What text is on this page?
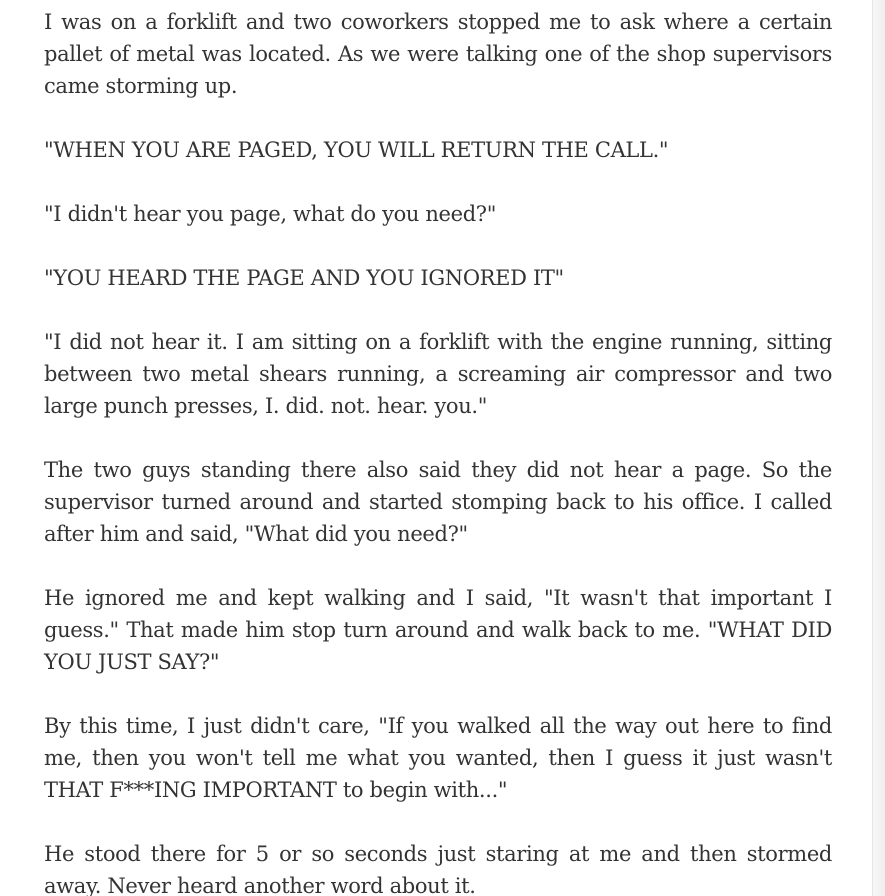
I was on a forklift and two coworkers stopped me to ask where a certain pallet of metal was located. As we were talking one of the shop supervisors came storming up.

"WHEN YOU ARE PAGED, YOU WILL RETURN THE CALL."

"I didn't hear you page, what do you need?"

"YOU HEARD THE PAGE AND YOU IGNORED IT"

"I did not hear it. I am sitting on a forklift with the engine running, sitting between two metal shears running, a screaming air compressor and two large punch presses, I. did. not. hear. you."

The two guys standing there also said they did not hear a page. So the supervisor turned around and started stomping back to his office. I called after him and said, "What did you need?"

He ignored me and kept walking and I said, "It wasn't that important I guess." That made him stop turn around and walk back to me. "WHAT DID YOU JUST SAY?"

By this time, I just didn't care, "If you walked all the way out here to find me, then you won't tell me what you wanted, then I guess it just wasn't THAT F***ING IMPORTANT to begin with..."

He stood there for 5 or so seconds just staring at me and then stormed away. Never heard another word about it.
